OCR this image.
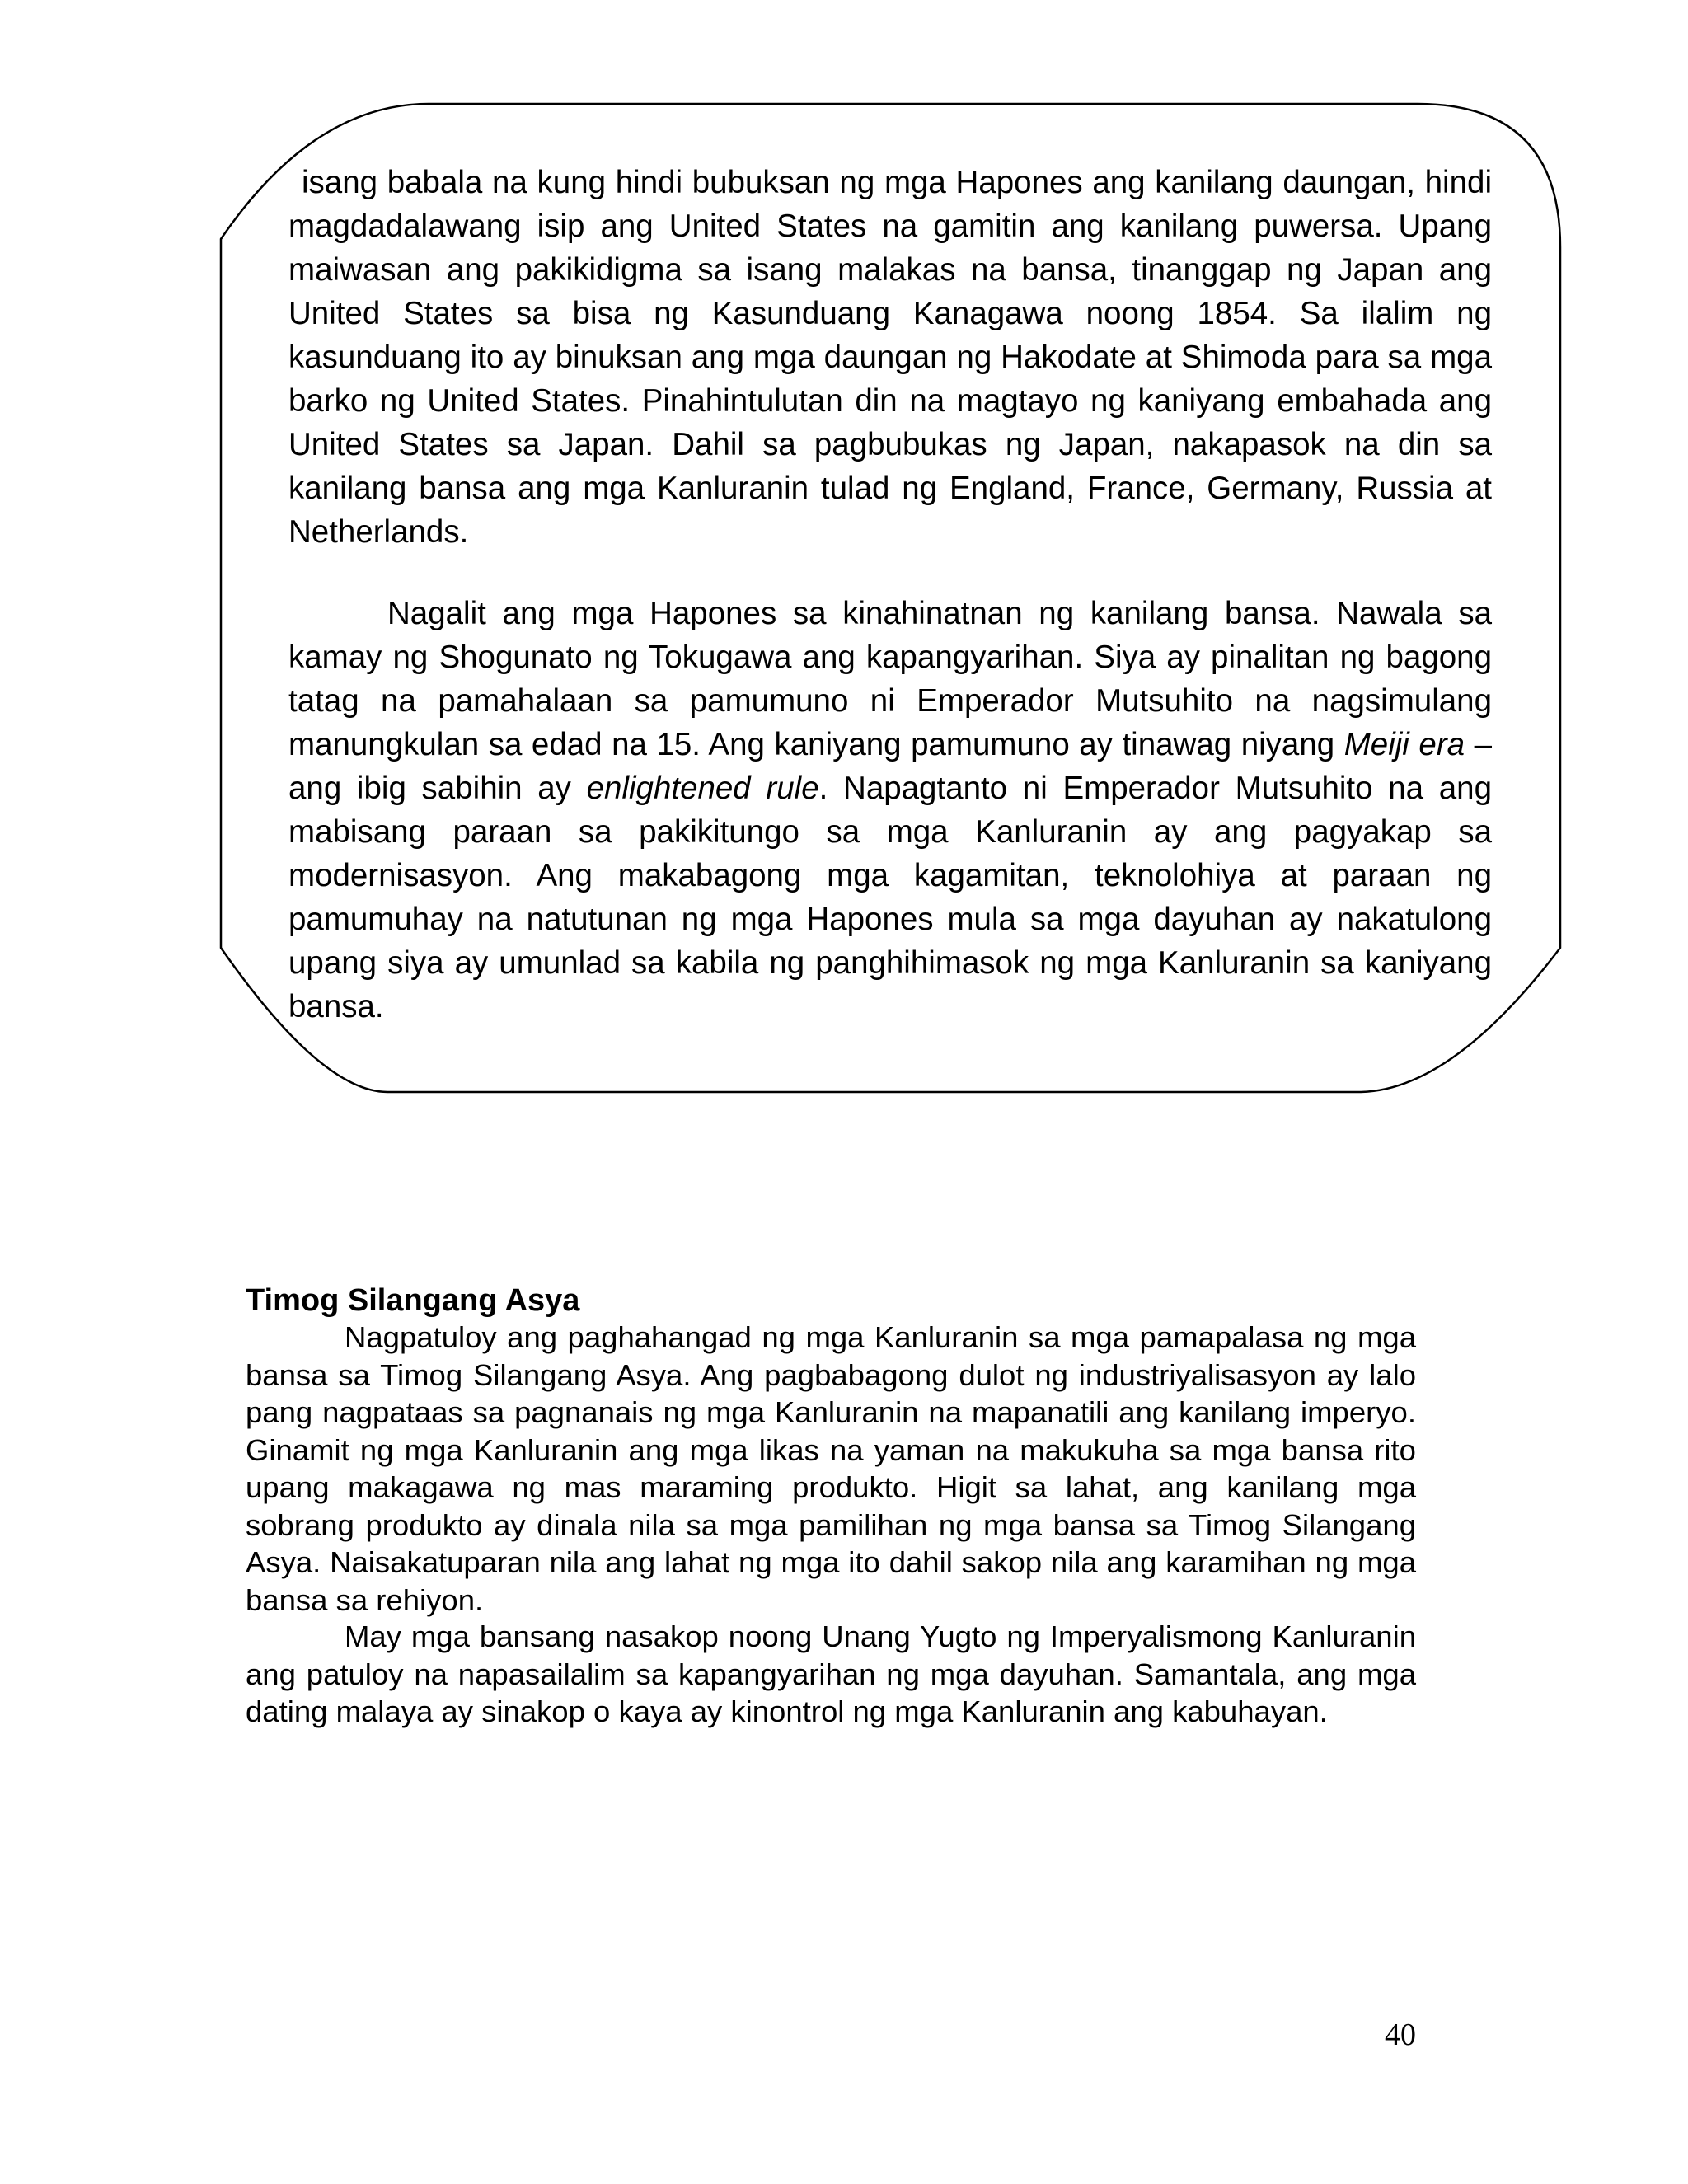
isang babala na kung hindi bubuksan ng mga Hapones ang kanilang daungan, hindi magdadalawang isip ang United States na gamitin ang kanilang puwersa. Upang maiwasan ang pakikidigma sa isang malakas na bansa, tinanggap ng Japan ang United States sa bisa ng Kasunduang Kanagawa noong 1854. Sa ilalim ng kasunduang ito ay binuksan ang mga daungan ng Hakodate at Shimoda para sa mga barko ng United States. Pinahintulutan din na magtayo ng kaniyang embahada ang United States sa Japan. Dahil sa pagbubukas ng Japan, nakapasok na din sa kanilang bansa ang mga Kanluranin tulad ng England, France, Germany, Russia at Netherlands.

Nagalit ang mga Hapones sa kinahinatnan ng kanilang bansa. Nawala sa kamay ng Shogunato ng Tokugawa ang kapangyarihan. Siya ay pinalitan ng bagong tatag na pamahalaan sa pamumuno ni Emperador Mutsuhito na nagsimulang manungkulan sa edad na 15. Ang kaniyang pamumuno ay tinawag niyang Meiji era – ang ibig sabihin ay enlightened rule. Napagtanto ni Emperador Mutsuhito na ang mabisang paraan sa pakikitungo sa mga Kanluranin ay ang pagyakap sa modernisasyon. Ang makabagong mga kagamitan, teknolohiya at paraan ng pamumuhay na natutunan ng mga Hapones mula sa mga dayuhan ay nakatulong upang siya ay umunlad sa kabila ng panghihimasok ng mga Kanluranin sa kaniyang bansa.

Timog Silangang Asya

Nagpatuloy ang paghahangad ng mga Kanluranin sa mga pamapalasa ng mga bansa sa Timog Silangang Asya. Ang pagbabagong dulot ng industriyalisasyon ay lalo pang nagpataas sa pagnanais ng mga Kanluranin na mapanatili ang kanilang imperyo. Ginamit ng mga Kanluranin ang mga likas na yaman na makukuha sa mga bansa rito upang makagawa ng mas maraming produkto. Higit sa lahat, ang kanilang mga sobrang produkto ay dinala nila sa mga pamilihan ng mga bansa sa Timog Silangang Asya. Naisakatuparan nila ang lahat ng mga ito dahil sakop nila ang karamihan ng mga bansa sa rehiyon.

May mga bansang nasakop noong Unang Yugto ng Imperyalismong Kanluranin ang patuloy na napasailalim sa kapangyarihan ng mga dayuhan. Samantala, ang mga dating malaya ay sinakop o kaya ay kinontrol ng mga Kanluranin ang kabuhayan.

40
